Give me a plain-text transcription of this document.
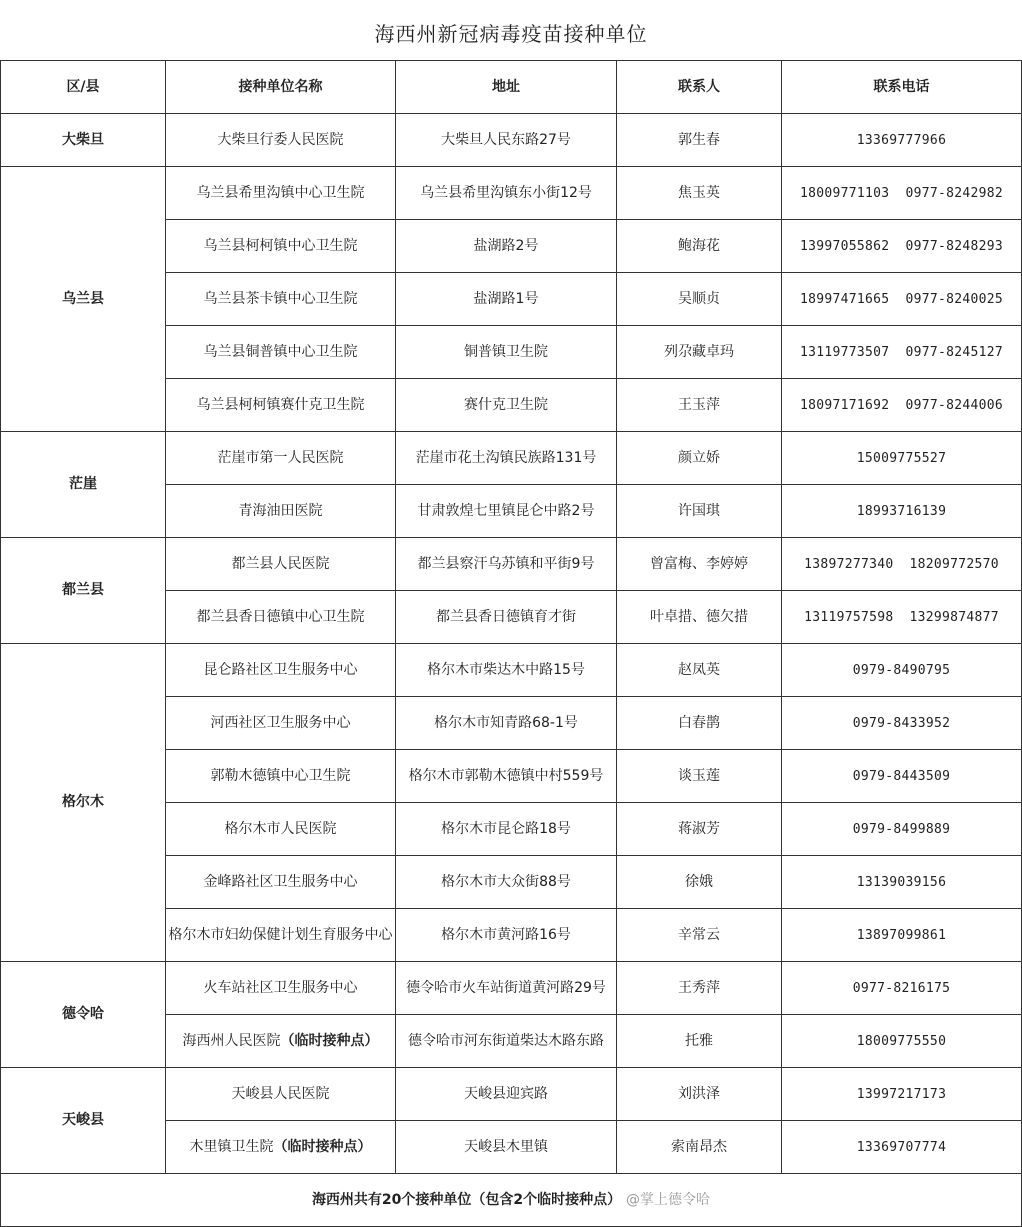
海西州新冠病毒疫苗接种单位
区/县	接种单位名称	地址	联系人	联系电话
大柴旦	大柴旦行委人民医院	大柴旦人民东路27号	郭生春	13369777966
乌兰县	乌兰县希里沟镇中心卫生院	乌兰县希里沟镇东小街12号	焦玉英	18009771103 0977-8242982
	乌兰县柯柯镇中心卫生院	盐湖路2号	鲍海花	13997055862 0977-8248293
	乌兰县茶卡镇中心卫生院	盐湖路1号	吴顺贞	18997471665 0977-8240025
	乌兰县铜普镇中心卫生院	铜普镇卫生院	列尕藏卓玛	13119773507 0977-8245127
	乌兰县柯柯镇赛什克卫生院	赛什克卫生院	王玉萍	18097171692 0977-8244006
茫崖	茫崖市第一人民医院	茫崖市花土沟镇民族路131号	颜立娇	15009775527
	青海油田医院	甘肃敦煌七里镇昆仑中路2号	许国琪	18993716139
都兰县	都兰县人民医院	都兰县察汗乌苏镇和平街9号	曾富梅、李婷婷	13897277340 18209772570
	都兰县香日德镇中心卫生院	都兰县香日德镇育才街	叶卓措、德欠措	13119757598 13299874877
格尔木	昆仑路社区卫生服务中心	格尔木市柴达木中路15号	赵凤英	0979-8490795
	河西社区卫生服务中心	格尔木市知青路68-1号	白春鹊	0979-8433952
	郭勒木德镇中心卫生院	格尔木市郭勒木德镇中村559号	谈玉莲	0979-8443509
	格尔木市人民医院	格尔木市昆仑路18号	蒋淑芳	0979-8499889
	金峰路社区卫生服务中心	格尔木市大众街88号	徐娥	13139039156
	格尔木市妇幼保健计划生育服务中心	格尔木市黄河路16号	辛常云	13897099861
德令哈	火车站社区卫生服务中心	德令哈市火车站街道黄河路29号	王秀萍	0977-8216175
	海西州人民医院（临时接种点）	德令哈市河东街道柴达木路东路	托雅	18009775550
天峻县	天峻县人民医院	天峻县迎宾路	刘洪泽	13997217173
	木里镇卫生院（临时接种点）	天峻县木里镇	索南昂杰	13369707774
海西州共有20个接种单位（包含2个临时接种点） @掌上德令哈				
